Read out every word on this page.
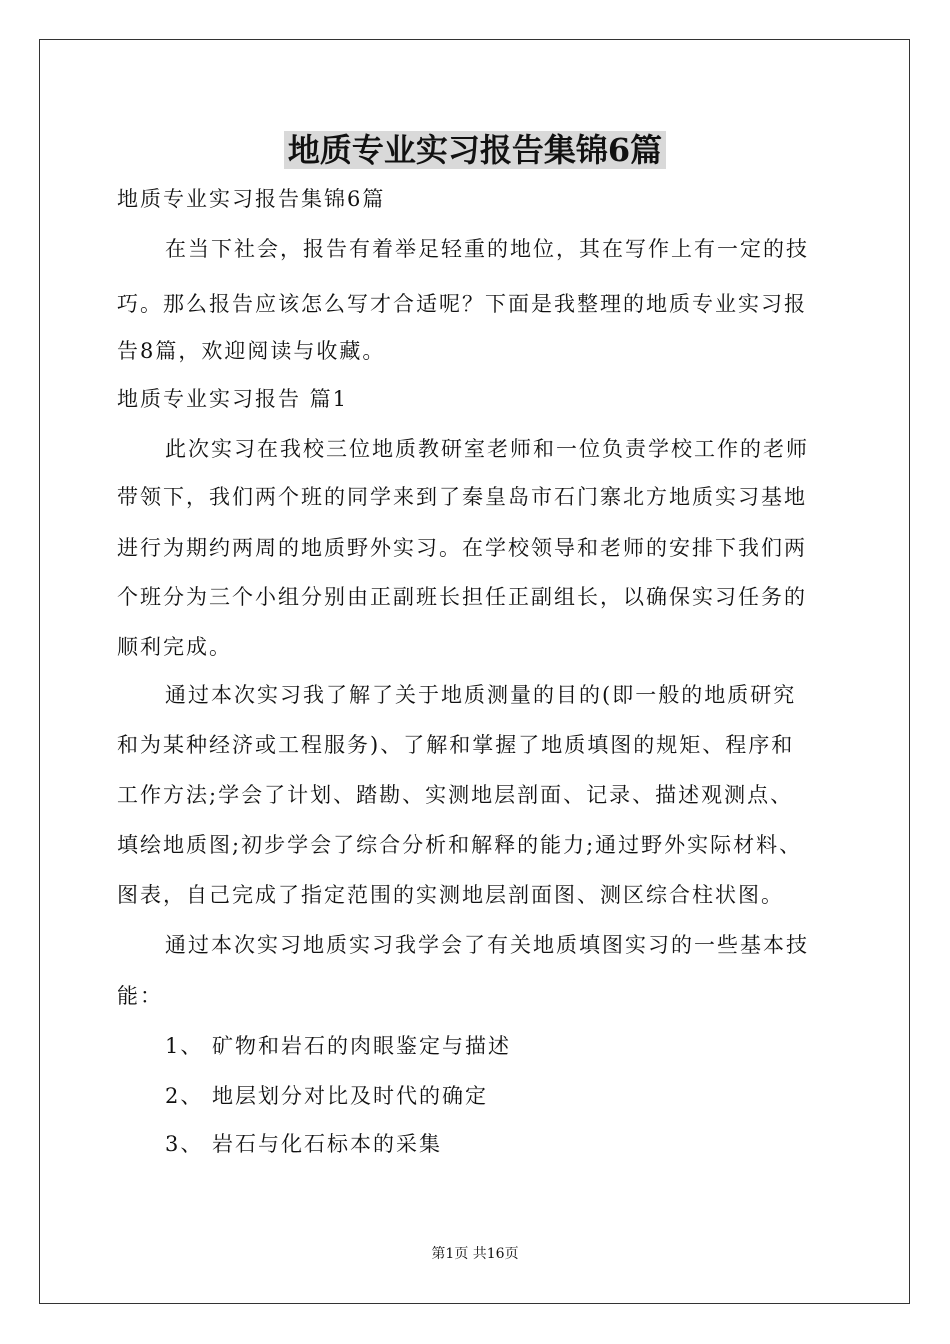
地质专业实习报告集锦6篇
地质专业实习报告集锦6篇
在当下社会，报告有着举足轻重的地位，其在写作上有一定的技
巧。那么报告应该怎么写才合适呢？下面是我整理的地质专业实习报
告8篇，欢迎阅读与收藏。
地质专业实习报告 篇1
此次实习在我校三位地质教研室老师和一位负责学校工作的老师
带领下，我们两个班的同学来到了秦皇岛市石门寨北方地质实习基地
进行为期约两周的地质野外实习。在学校领导和老师的安排下我们两
个班分为三个小组分别由正副班长担任正副组长，以确保实习任务的
顺利完成。
通过本次实习我了解了关于地质测量的目的(即一般的地质研究
和为某种经济或工程服务)、了解和掌握了地质填图的规矩、程序和
工作方法;学会了计划、踏勘、实测地层剖面、记录、描述观测点、
填绘地质图;初步学会了综合分析和解释的能力;通过野外实际材料、
图表，自己完成了指定范围的实测地层剖面图、测区综合柱状图。
通过本次实习地质实习我学会了有关地质填图实习的一些基本技
能：
1、 矿物和岩石的肉眼鉴定与描述
2、 地层划分对比及时代的确定
3、 岩石与化石标本的采集
第1页 共16页
